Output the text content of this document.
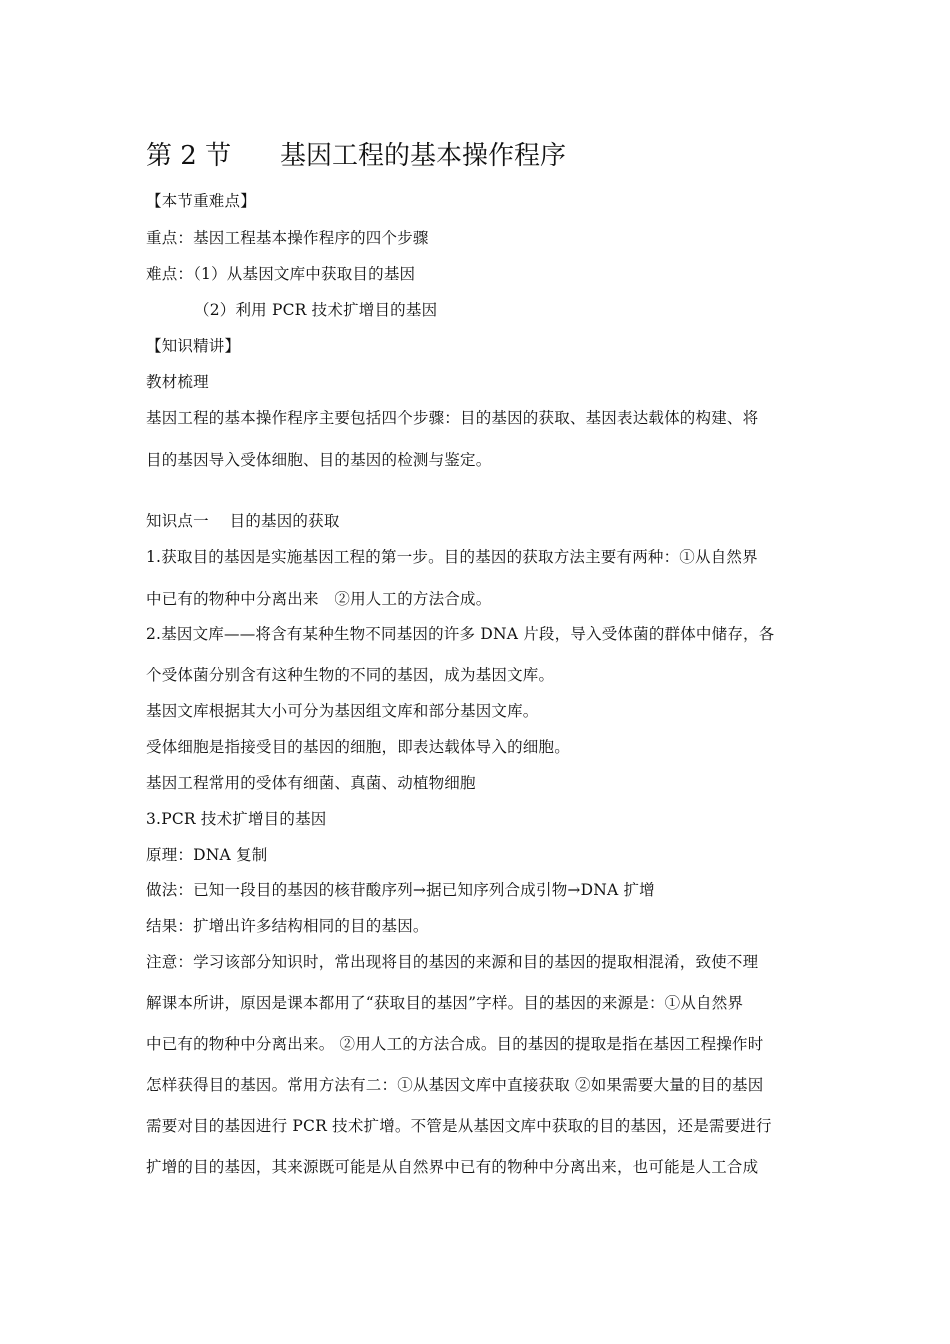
第 2 节 基因工程的基本操作程序
【本节重难点】
重点：基因工程基本操作程序的四个步骤
难点：（1）从基因文库中获取目的基因
（2）利用 PCR 技术扩增目的基因
【知识精讲】
教材梳理
基因工程的基本操作程序主要包括四个步骤：目的基因的获取、基因表达载体的构建、将
目的基因导入受体细胞、目的基因的检测与鉴定。
知识点一　 目的基因的获取
1.获取目的基因是实施基因工程的第一步。目的基因的获取方法主要有两种：①从自然界
中已有的物种中分离出来　②用人工的方法合成。
2.基因文库——将含有某种生物不同基因的许多 DNA 片段，导入受体菌的群体中储存，各
个受体菌分别含有这种生物的不同的基因，成为基因文库。
基因文库根据其大小可分为基因组文库和部分基因文库。
受体细胞是指接受目的基因的细胞，即表达载体导入的细胞。
基因工程常用的受体有细菌、真菌、动植物细胞
3.PCR 技术扩增目的基因
原理：DNA 复制
做法：已知一段目的基因的核苷酸序列→据已知序列合成引物→DNA 扩增
结果：扩增出许多结构相同的目的基因。
注意：学习该部分知识时，常出现将目的基因的来源和目的基因的提取相混淆，致使不理
解课本所讲，原因是课本都用了“获取目的基因”字样。目的基因的来源是：①从自然界
中已有的物种中分离出来。 ②用人工的方法合成。目的基因的提取是指在基因工程操作时
怎样获得目的基因。常用方法有二：①从基因文库中直接获取 ②如果需要大量的目的基因
需要对目的基因进行 PCR 技术扩增。不管是从基因文库中获取的目的基因，还是需要进行
扩增的目的基因，其来源既可能是从自然界中已有的物种中分离出来，也可能是人工合成
